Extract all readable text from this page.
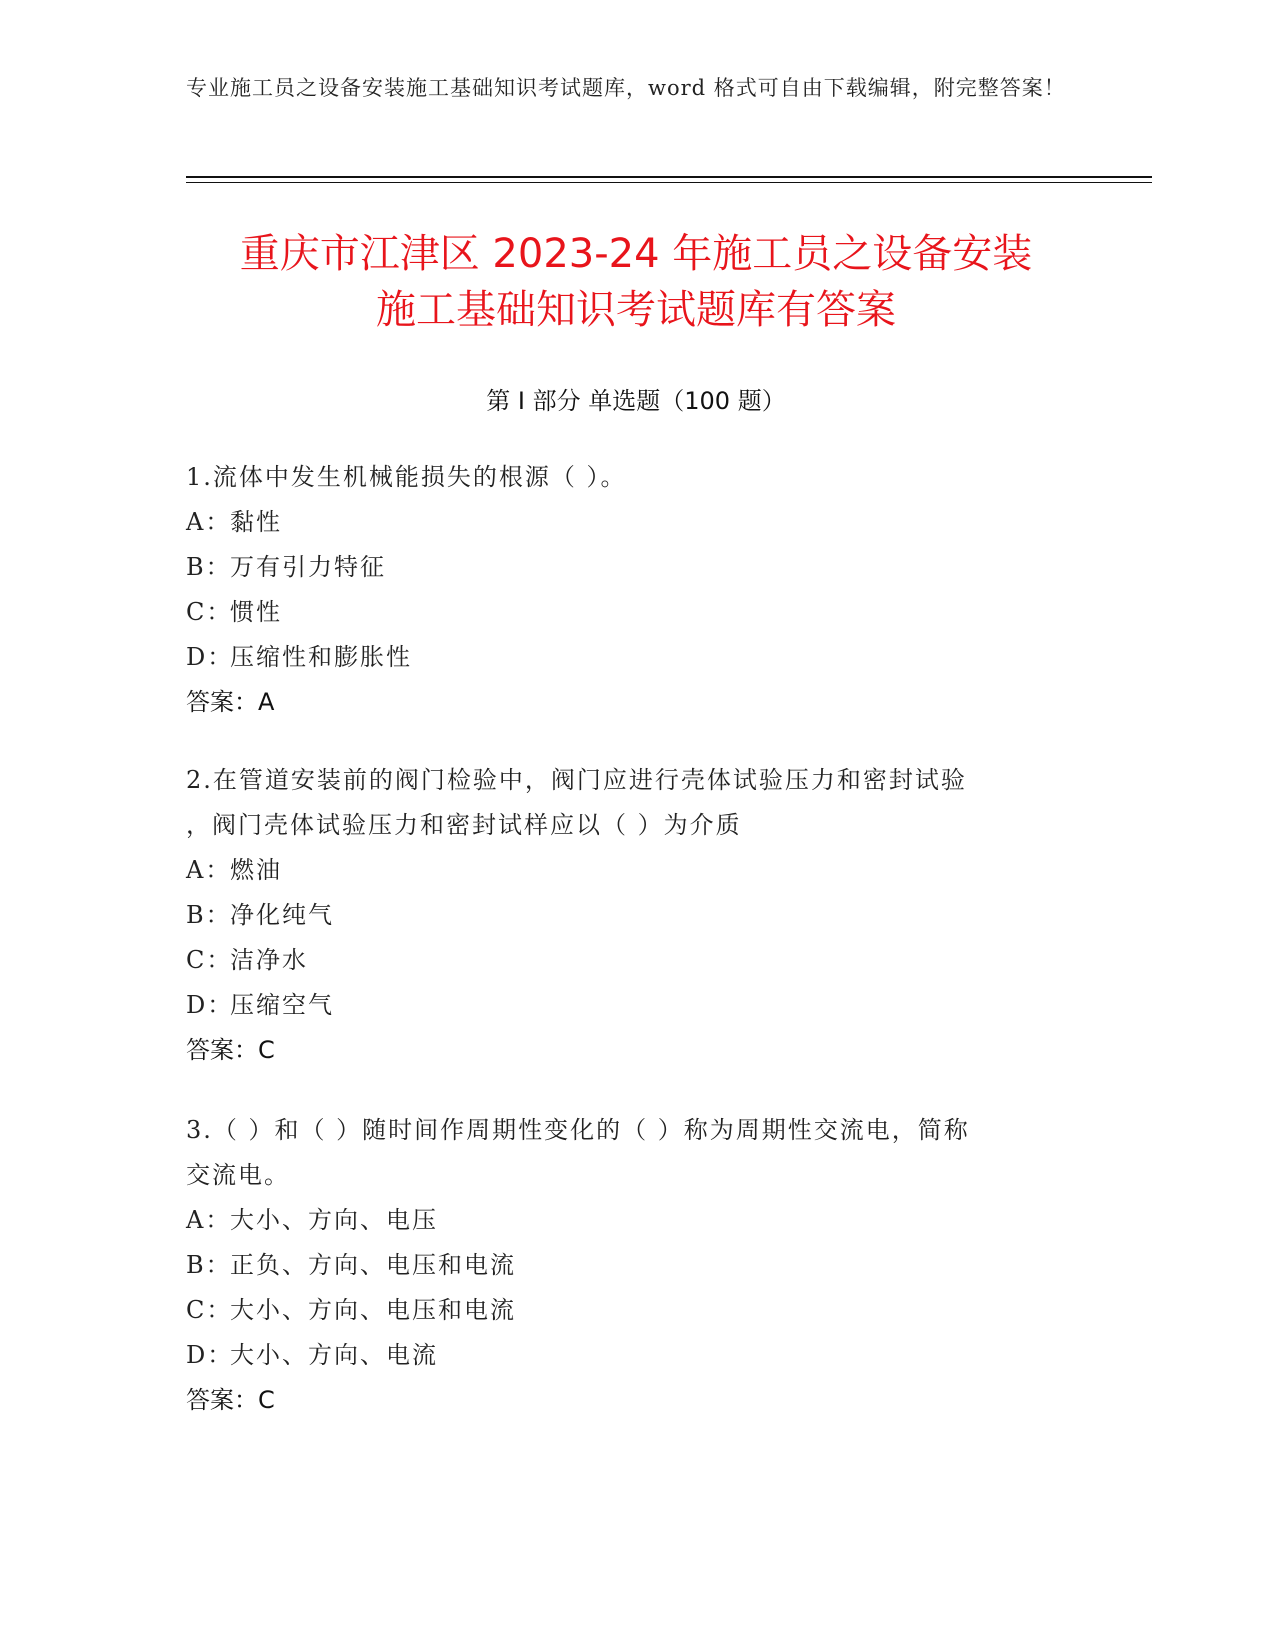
专业施工员之设备安装施工基础知识考试题库，word 格式可自由下载编辑，附完整答案！
重庆市江津区 2023-24 年施工员之设备安装
施工基础知识考试题库有答案
第 I 部分 单选题（100 题）

1.流体中发生机械能损失的根源（ ）。

A：
黏性

B：
万有引力特征

C：
惯性

D：
压缩性和膨胀性

答案：A

2.在管道安装前的阀门检验中，阀门应进行壳体试验压力和密封试验

，阀门壳体试验压力和密封试样应以（ ）为介质

A：
燃油

B：
净化纯气

C：
洁净水

D：
压缩空气

答案：C

3.（ ）和（ ）随时间作周期性变化的（ ）称为周期性交流电，简称

交流电。

A：
大小、方向、电压

B：
正负、方向、电压和电流

C：
大小、方向、电压和电流

D：
大小、方向、电流

答案：C
